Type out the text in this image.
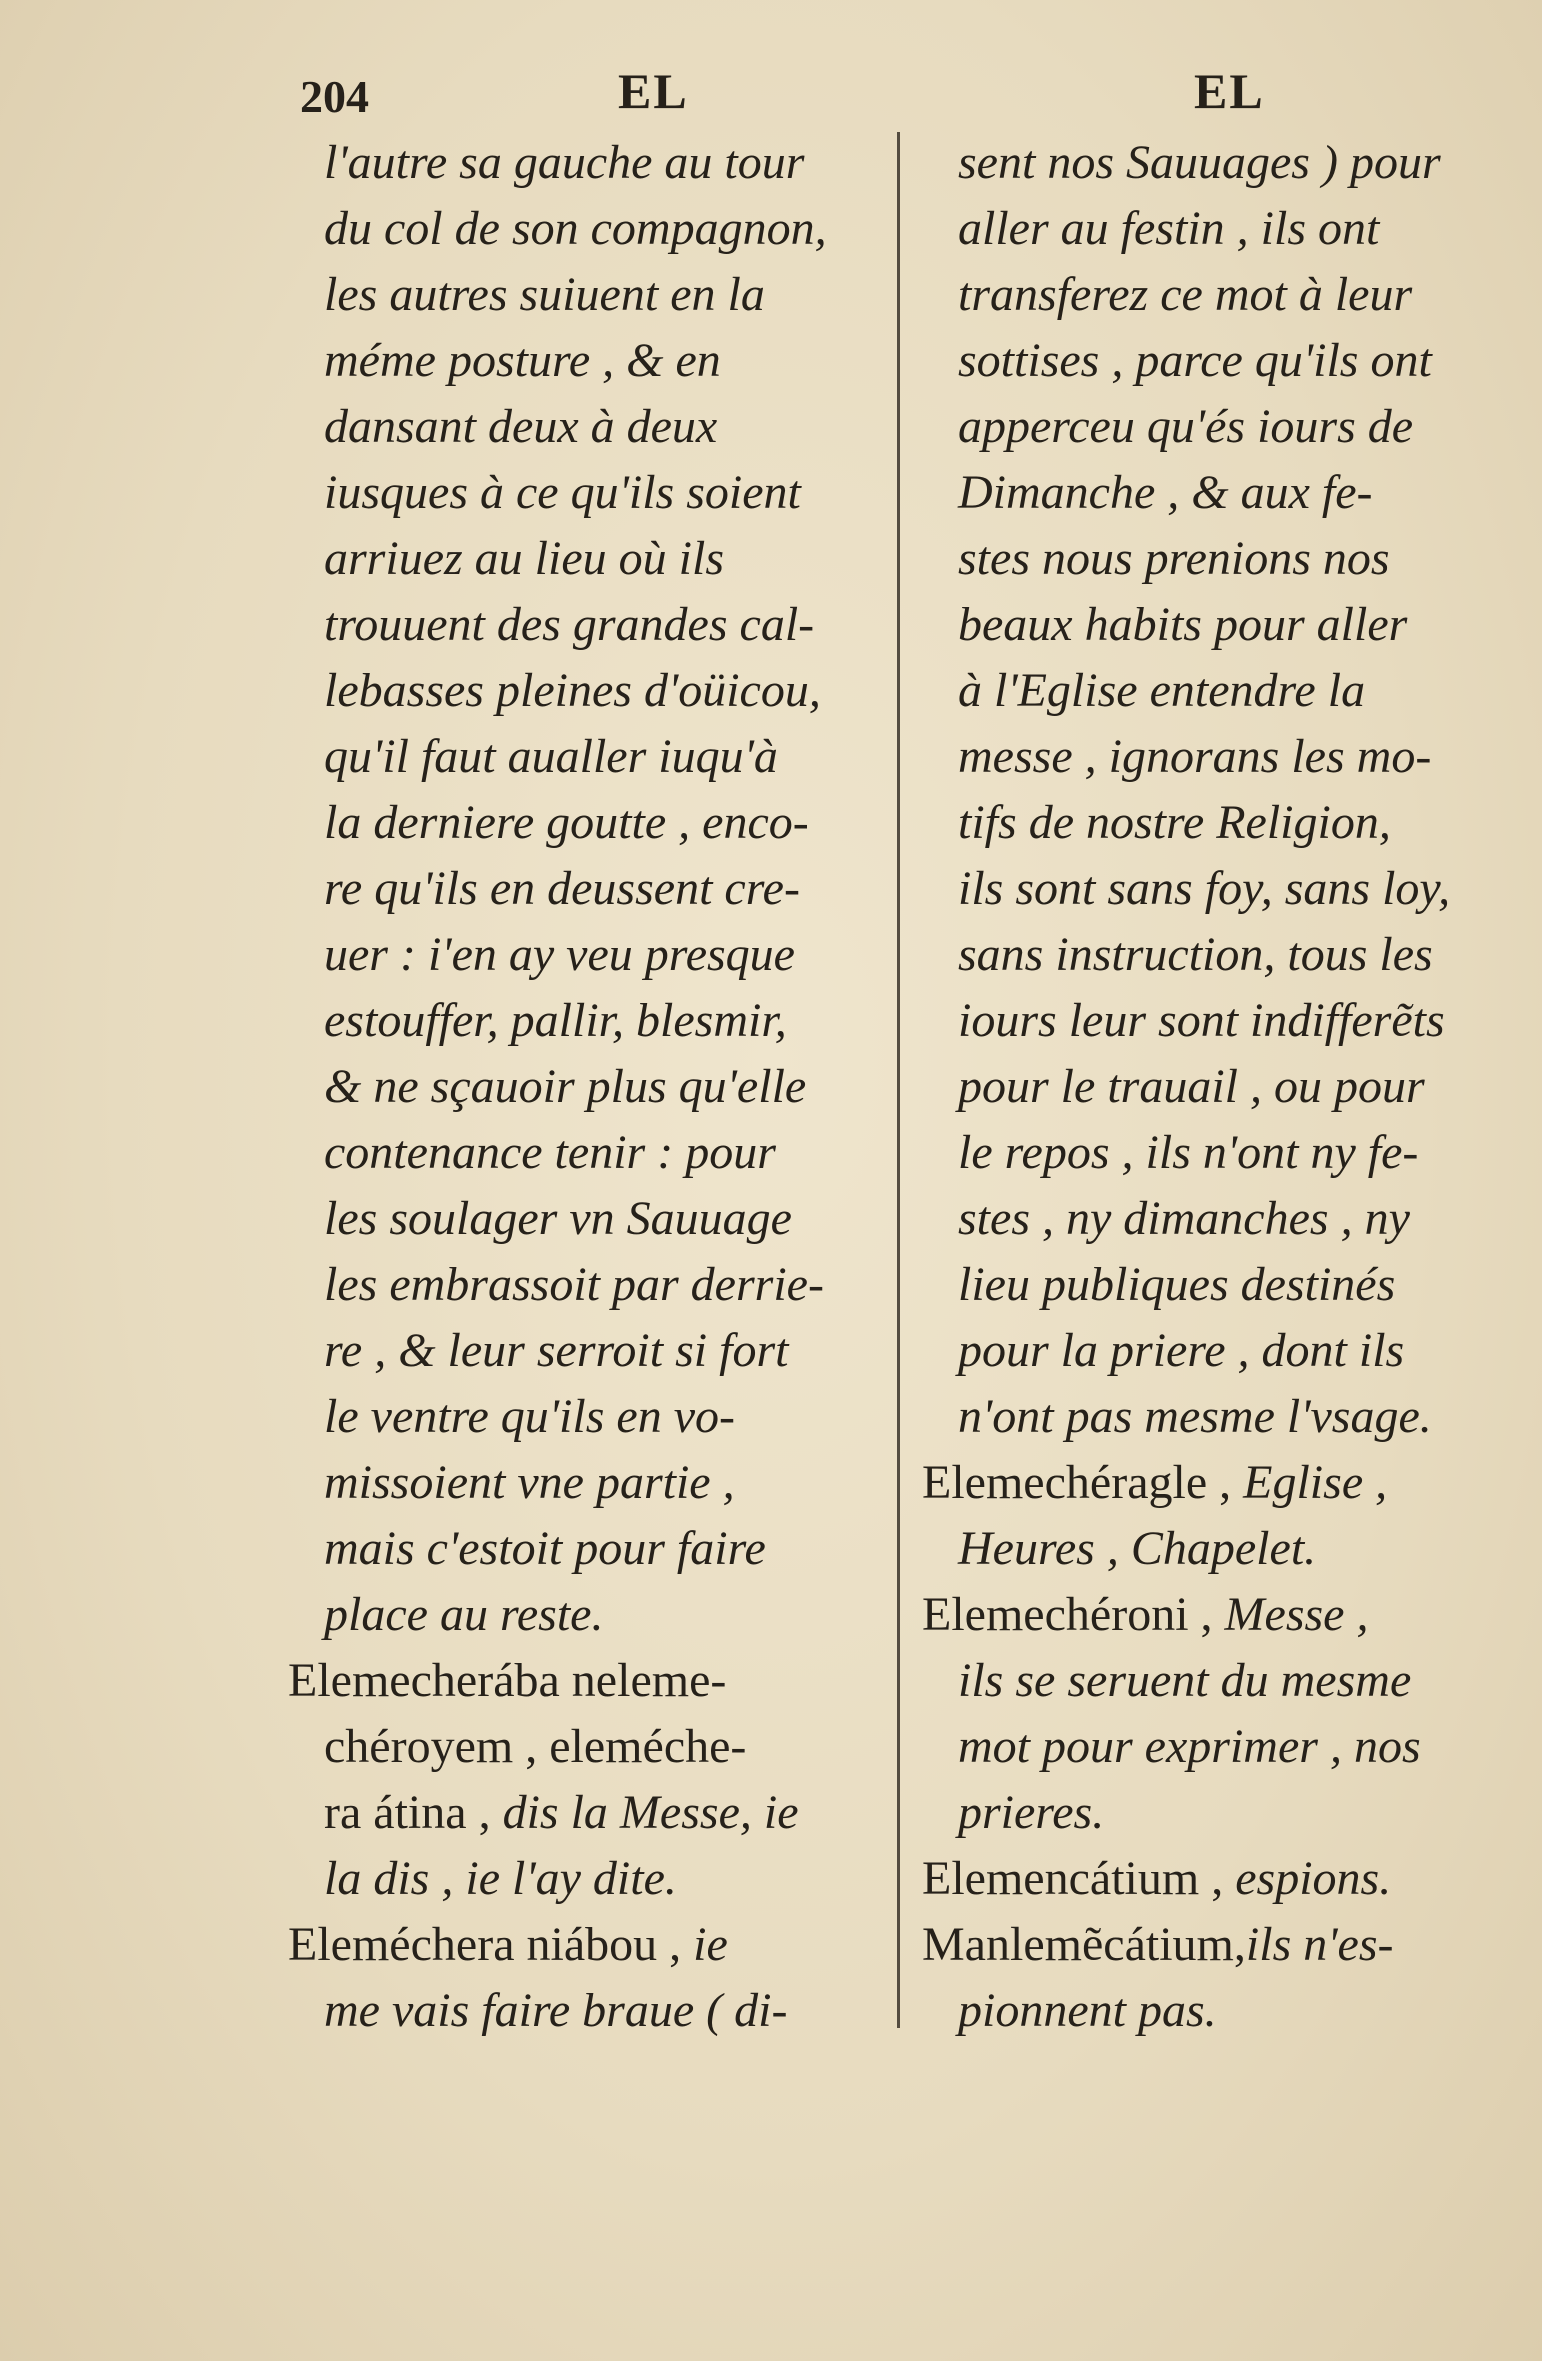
204	EL	EL
l'autre sa gauche au tour
du col de son compagnon,
les autres suiuent en la
méme posture , & en
dansant deux à deux
iusques à ce qu'ils soient
arriuez au lieu où ils
trouuent des grandes cal-
lebasses pleines d'oüicou,
qu'il faut aualler iuqu'à
la derniere goutte , enco-
re qu'ils en deussent cre-
uer : i'en ay veu presque
estouffer, pallir, blesmir,
& ne sçauoir plus qu'elle
contenance tenir : pour
les soulager vn Sauuage
les embrassoit par derrie-
re , & leur serroit si fort
le ventre qu'ils en vo-
missoient vne partie ,
mais c'estoit pour faire
place au reste.
Elemecherába neleme-
chéroyem , eleméche-
ra átina , dis la Messe, ie
la dis , ie l'ay dite.
Eleméchera niábou , ie
me vais faire braue ( di-
sent nos Sauuages ) pour
aller au festin , ils ont
transferez ce mot à leur
sottises , parce qu'ils ont
apperceu qu'és iours de
Dimanche , & aux fe-
stes nous prenions nos
beaux habits pour aller
à l'Eglise entendre la
messe , ignorans les mo-
tifs de nostre Religion,
ils sont sans foy, sans loy,
sans instruction, tous les
iours leur sont indifferẽts
pour le trauail , ou pour
le repos , ils n'ont ny fe-
stes , ny dimanches , ny
lieu publiques destinés
pour la priere , dont ils
n'ont pas mesme l'vsage.
Elemechéragle , Eglise ,
Heures , Chapelet.
Elemechéroni , Messe ,
ils se seruent du mesme
mot pour exprimer , nos
prieres.
Elemencátium , espions.
Manlemẽcátium,ils n'es-
pionnent pas.
